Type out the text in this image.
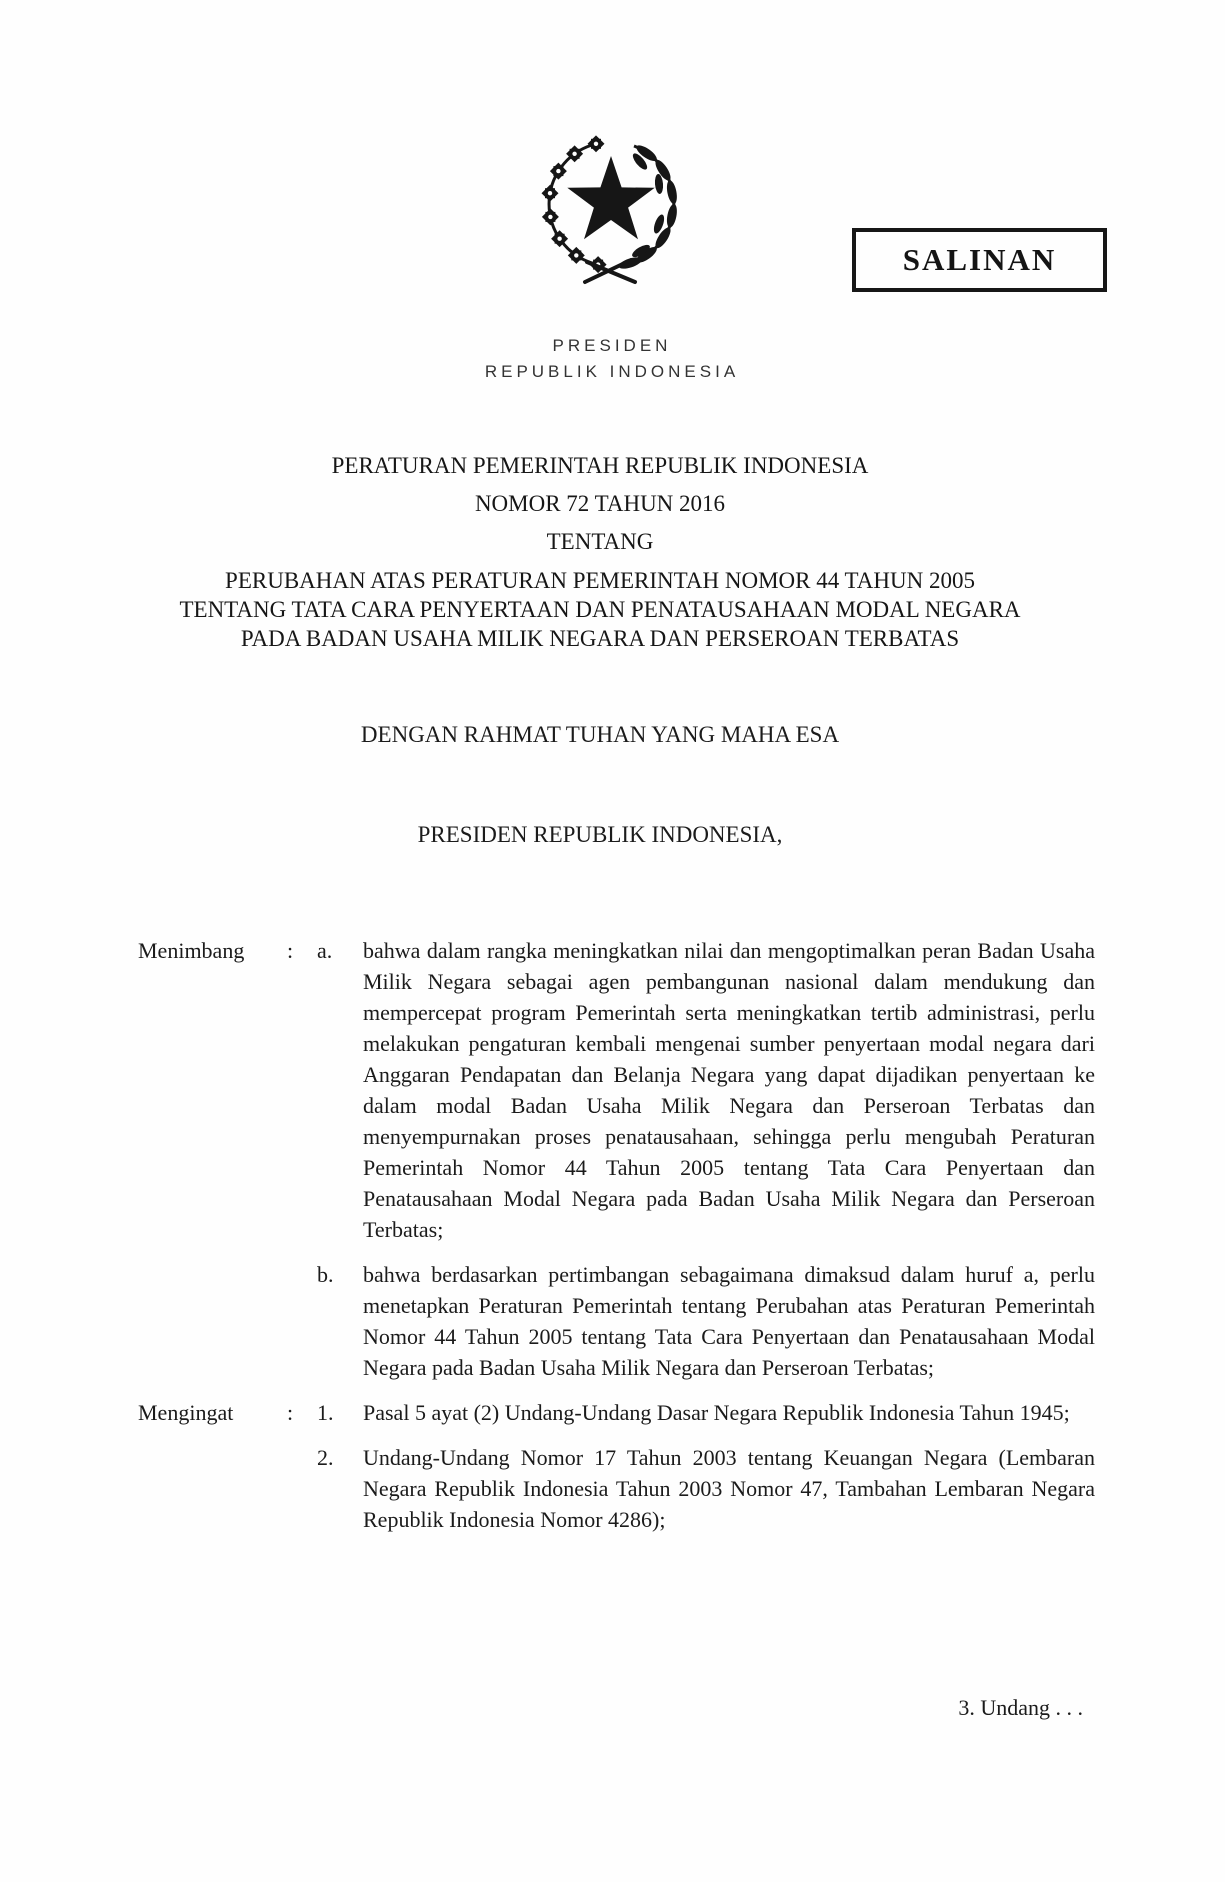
SALINAN
PRESIDEN
REPUBLIK INDONESIA
PERATURAN PEMERINTAH REPUBLIK INDONESIA
NOMOR 72 TAHUN 2016
TENTANG
PERUBAHAN ATAS PERATURAN PEMERINTAH NOMOR 44 TAHUN 2005
TENTANG TATA CARA PENYERTAAN DAN PENATAUSAHAAN MODAL NEGARA
PADA BADAN USAHA MILIK NEGARA DAN PERSEROAN TERBATAS
DENGAN RAHMAT TUHAN YANG MAHA ESA
PRESIDEN REPUBLIK INDONESIA,
Menimbang	:	a.	bahwa dalam rangka meningkatkan nilai dan mengoptimalkan peran Badan Usaha Milik Negara sebagai agen pembangunan nasional dalam mendukung dan mempercepat program Pemerintah serta meningkatkan tertib administrasi, perlu melakukan pengaturan kembali mengenai sumber penyertaan modal negara dari Anggaran Pendapatan dan Belanja Negara yang dapat dijadikan penyertaan ke dalam modal Badan Usaha Milik Negara dan Perseroan Terbatas dan menyempurnakan proses penatausahaan, sehingga perlu mengubah Peraturan Pemerintah Nomor 44 Tahun 2005 tentang Tata Cara Penyertaan dan Penatausahaan Modal Negara pada Badan Usaha Milik Negara dan Perseroan Terbatas;
b.	bahwa berdasarkan pertimbangan sebagaimana dimaksud dalam huruf a, perlu menetapkan Peraturan Pemerintah tentang Perubahan atas Peraturan Pemerintah Nomor 44 Tahun 2005 tentang Tata Cara Penyertaan dan Penatausahaan Modal Negara pada Badan Usaha Milik Negara dan Perseroan Terbatas;
Mengingat	:	1.	Pasal 5 ayat (2) Undang-Undang Dasar Negara Republik Indonesia Tahun 1945;
2.	Undang-Undang Nomor 17 Tahun 2003 tentang Keuangan Negara (Lembaran Negara Republik Indonesia Tahun 2003 Nomor 47, Tambahan Lembaran Negara Republik Indonesia Nomor 4286);
3. Undang . . .
